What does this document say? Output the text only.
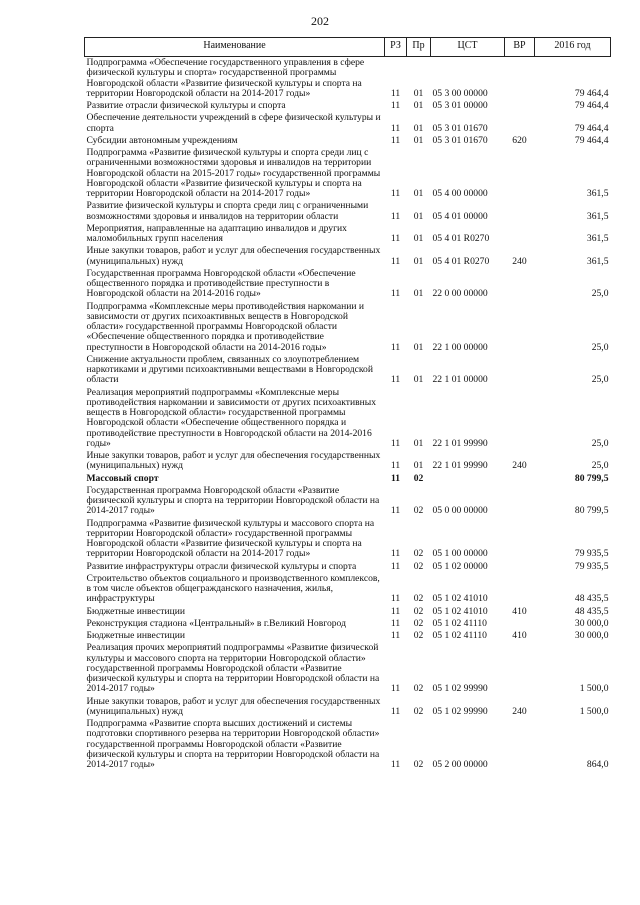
202
Наименование	РЗ	Пр	ЦСТ	ВР	2016 год
Подпрограмма «Обеспечение государственного управления в сфере физической культуры и спорта» государственной программы Новгородской области «Развитие физической культуры и спорта на территории Новгородской области на 2014-2017 годы»	11	01	05 3 00 00000		79 464,4
Развитие отрасли физической культуры и спорта	11	01	05 3 01 00000		79 464,4
Обеспечение деятельности учреждений в сфере физической культуры и спорта	11	01	05 3 01 01670		79 464,4
Субсидии автономным учреждениям	11	01	05 3 01 01670	620	79 464,4
Подпрограмма «Развитие физической культуры и спорта среди лиц с ограниченными возможностями здоровья и инвалидов на территории Новгородской области на 2015-2017 годы» государственной программы Новгородской области «Развитие физической культуры и спорта на территории Новгородской области на 2014-2017 годы»	11	01	05 4 00 00000		361,5
Развитие физической культуры и спорта среди лиц с ограниченными возможностями здоровья и инвалидов на территории области	11	01	05 4 01 00000		361,5
Мероприятия, направленные на адаптацию инвалидов и других маломобильных групп населения	11	01	05 4 01 R0270		361,5
Иные закупки товаров, работ и услуг для обеспечения государственных (муниципальных) нужд	11	01	05 4 01 R0270	240	361,5
Государственная программа Новгородской области «Обеспечение общественного порядка и противодействие преступности в Новгородской области на 2014-2016 годы»	11	01	22 0 00 00000		25,0
Подпрограмма «Комплексные меры противодействия наркомании и зависимости от других психоактивных веществ в Новгородской области» государственной программы Новгородской области «Обеспечение общественного порядка и противодействие преступности в Новгородской области на 2014-2016 годы»	11	01	22 1 00 00000		25,0
Снижение актуальности проблем, связанных со злоупотреблением наркотиками и другими психоактивными веществами в Новгородской области	11	01	22 1 01 00000		25,0
Реализация мероприятий подпрограммы «Комплексные меры противодействия наркомании и зависимости от других психоактивных веществ в Новгородской области» государственной программы Новгородской области «Обеспечение общественного порядка и противодействие преступности в Новгородской области на 2014-2016 годы»	11	01	22 1 01 99990		25,0
Иные закупки товаров, работ и услуг для обеспечения государственных (муниципальных) нужд	11	01	22 1 01 99990	240	25,0
Массовый спорт	11	02			80 799,5
Государственная программа Новгородской области «Развитие физической культуры и спорта на территории Новгородской области на 2014-2017 годы»	11	02	05 0 00 00000		80 799,5
Подпрограмма «Развитие физической культуры и массового спорта на территории Новгородской области» государственной программы Новгородской области «Развитие физической культуры и спорта на территории Новгородской области на 2014-2017 годы»	11	02	05 1 00 00000		79 935,5
Развитие инфраструктуры отрасли физической культуры и спорта	11	02	05 1 02 00000		79 935,5
Строительство объектов социального и производственного комплексов, в том числе объектов общегражданского назначения, жилья, инфраструктуры	11	02	05 1 02 41010		48 435,5
Бюджетные инвестиции	11	02	05 1 02 41010	410	48 435,5
Реконструкция стадиона «Центральный» в г.Великий Новгород	11	02	05 1 02 41110		30 000,0
Бюджетные инвестиции	11	02	05 1 02 41110	410	30 000,0
Реализация прочих мероприятий подпрограммы «Развитие физической культуры и массового спорта на территории Новгородской области» государственной программы Новгородской области «Развитие физической культуры и спорта на территории Новгородской области на 2014-2017 годы»	11	02	05 1 02 99990		1 500,0
Иные закупки товаров, работ и услуг для обеспечения государственных (муниципальных) нужд	11	02	05 1 02 99990	240	1 500,0
Подпрограмма «Развитие спорта высших достижений и системы подготовки спортивного резерва на территории Новгородской области» государственной программы Новгородской области «Развитие физической культуры и спорта на территории Новгородской области на 2014-2017 годы»	11	02	05 2 00 00000		864,0
